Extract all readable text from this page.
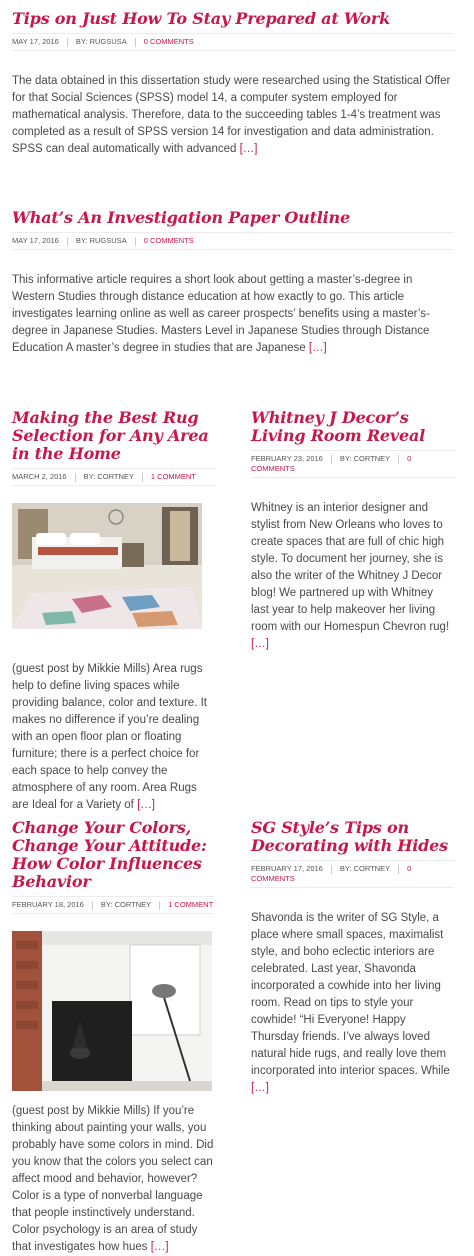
Tips on Just How To Stay Prepared at Work
MAY 17, 2016 BY: RUGSUSA 0 COMMENTS

The data obtained in this dissertation study were researched using the Statistical Offer for that Social Sciences (SPSS) model 14, a computer system employed for mathematical analysis. Therefore, data to the succeeding tables 1-4’s treatment was completed as a result of SPSS version 14 for investigation and data administration. SPSS can deal automatically with advanced […]

What’s An Investigation Paper Outline
MAY 17, 2016 BY: RUGSUSA 0 COMMENTS

This informative article requires a short look about getting a master’s-degree in Western Studies through distance education at how exactly to go. This article investigates learning online as well as career prospects’ benefits using a master’s-degree in Japanese Studies. Masters Level in Japanese Studies through Distance Education A master’s degree in studies that are Japanese […]

Making the Best Rug Selection for Any Area in the Home
MARCH 2, 2016 BY: CORTNEY 1 COMMENT

(guest post by Mikkie Mills) Area rugs help to define living spaces while providing balance, color and texture. It makes no difference if you’re dealing with an open floor plan or floating furniture; there is a perfect choice for each space to help convey the atmosphere of any room. Area Rugs are Ideal for a Variety of […]

Whitney J Decor’s Living Room Reveal
FEBRUARY 23, 2016 BY: CORTNEY 0 COMMENTS

Whitney is an interior designer and stylist from New Orleans who loves to create spaces that are full of chic high style. To document her journey, she is also the writer of the Whitney J Decor blog! We partnered up with Whitney last year to help makeover her living room with our Homespun Chevron rug! […]

Change Your Colors, Change Your Attitude: How Color Influences Behavior
FEBRUARY 18, 2016 BY: CORTNEY 1 COMMENT

(guest post by Mikkie Mills) If you’re thinking about painting your walls, you probably have some colors in mind. Did you know that the colors you select can affect mood and behavior, however? Color is a type of nonverbal language that people instinctively understand. Color psychology is an area of study that investigates how hues […]

SG Style’s Tips on Decorating with Hides
FEBRUARY 17, 2016 BY: CORTNEY 0 COMMENTS

Shavonda is the writer of SG Style, a place where small spaces, maximalist style, and boho eclectic interiors are celebrated. Last year, Shavonda incorporated a cowhide into her living room. Read on tips to style your cowhide! “Hi Everyone! Happy Thursday friends. I’ve always loved natural hide rugs, and really love them incorporated into interior spaces. While […]
